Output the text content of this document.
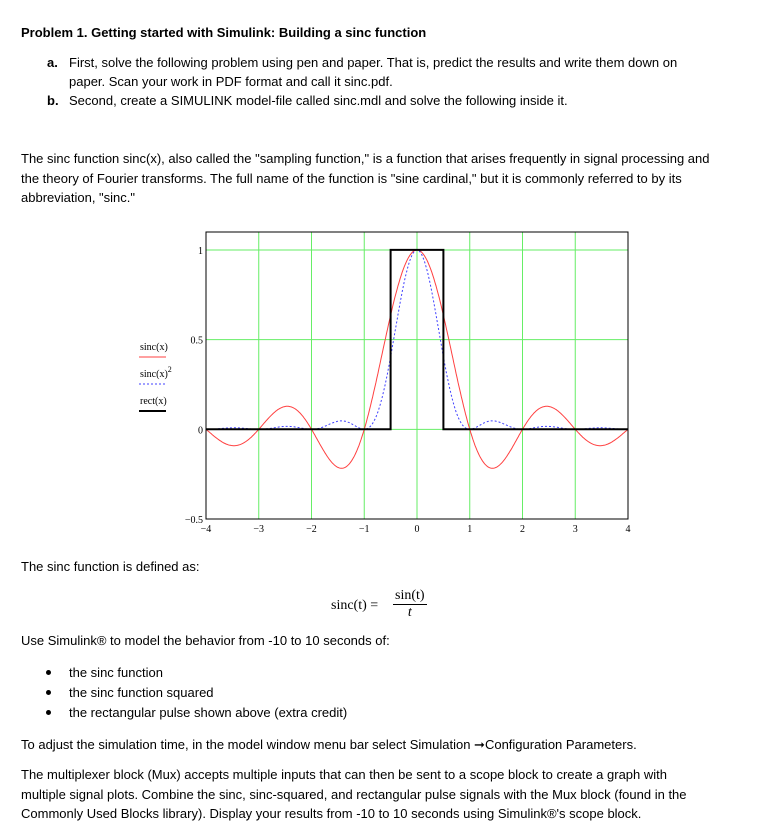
Problem 1. Getting started with Simulink: Building a sinc function
a. First, solve the following problem using pen and paper. That is, predict the results and write them down on
paper. Scan your work in PDF format and call it sinc.pdf.
b. Second, create a SIMULINK model-file called sinc.mdl and solve the following inside it.
The sinc function sinc(x), also called the "sampling function," is a function that arises frequently in signal processing and
the theory of Fourier transforms. The full name of the function is "sine cardinal," but it is commonly referred to by its
abbreviation, "sinc."
−4	−3	−2	−1	0	1	2	3	4
1
0.5
0
−0.5
sinc(x)
$\sin c(x)^2$
rect(x)
The sinc function is defined as:
$\sin c(t) = \frac{\sin(t)}{t}$
Use Simulink® to model the behavior from -10 to 10 seconds of:
the sinc function
the sinc function squared
the rectangular pulse shown above (extra credit)
To adjust the simulation time, in the model window menu bar select Simulation ➞Configuration Parameters.
The multiplexer block (Mux) accepts multiple inputs that can then be sent to a scope block to create a graph with
multiple signal plots. Combine the sinc, sinc-squared, and rectangular pulse signals with the Mux block (found in the
Commonly Used Blocks library). Display your results from -10 to 10 seconds using Simulink®'s scope block.
